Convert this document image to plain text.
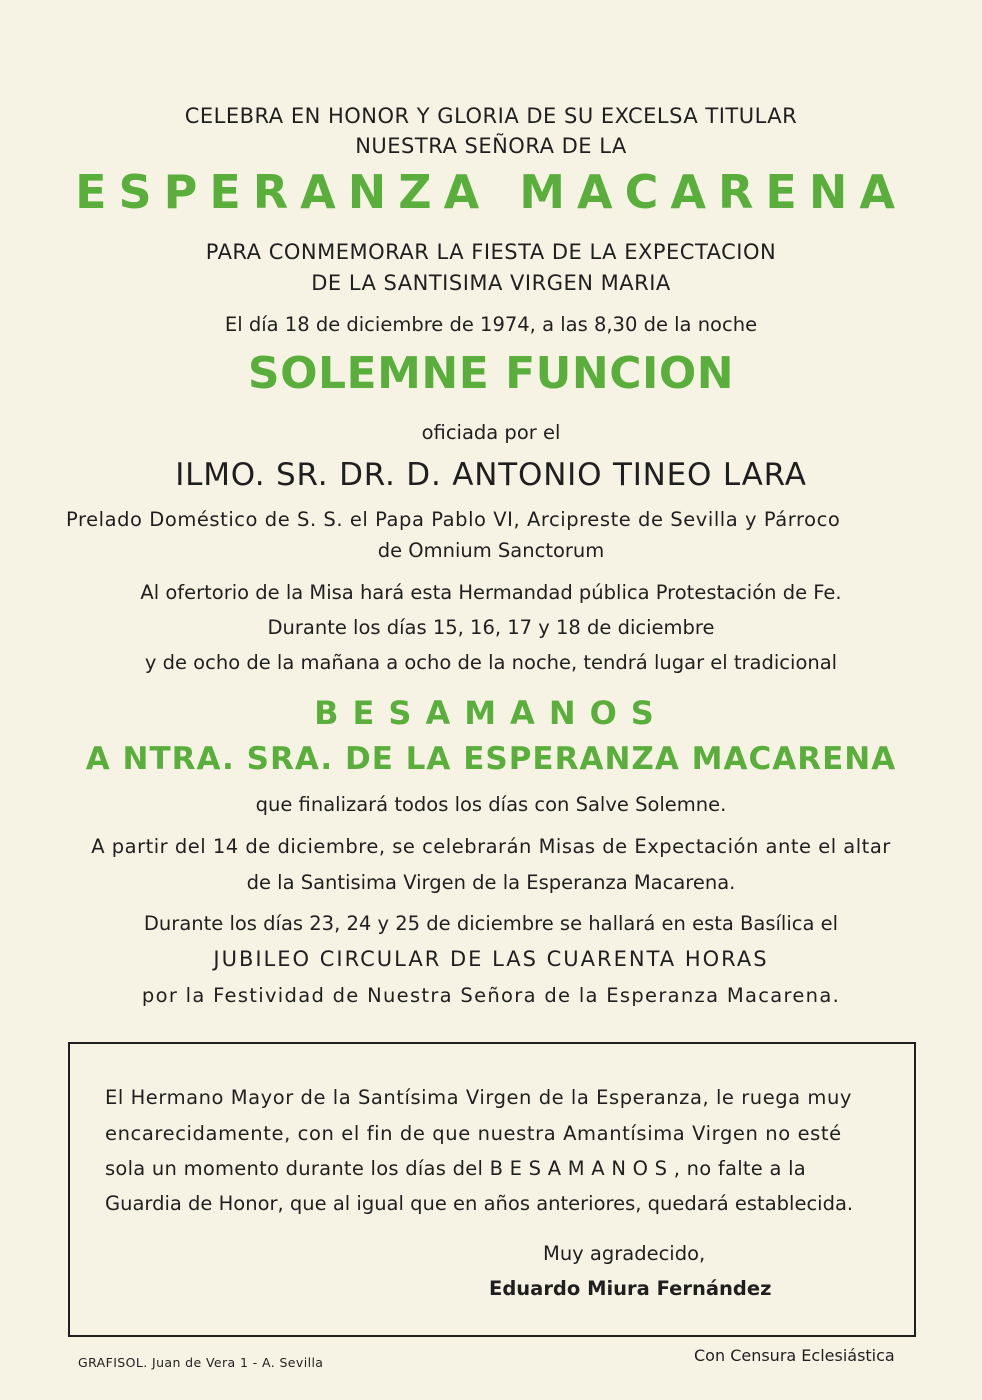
CELEBRA EN HONOR Y GLORIA DE SU EXCELSA TITULAR
NUESTRA SEÑORA DE LA
ESPERANZA MACARENA
PARA CONMEMORAR LA FIESTA DE LA EXPECTACION
DE LA SANTISIMA VIRGEN MARIA
El día 18 de diciembre de 1974, a las 8,30 de la noche
SOLEMNE FUNCION
oficiada por el
ILMO. SR. DR. D. ANTONIO TINEO LARA
Prelado Doméstico de S. S. el Papa Pablo VI, Arcipreste de Sevilla y Párroco
de Omnium Sanctorum
Al ofertorio de la Misa hará esta Hermandad pública Protestación de Fe.
Durante los días 15, 16, 17 y 18 de diciembre
y de ocho de la mañana a ocho de la noche, tendrá lugar el tradicional
BESAMANOS
A NTRA. SRA. DE LA ESPERANZA MACARENA
que finalizará todos los días con Salve Solemne.
A partir del 14 de diciembre, se celebrarán Misas de Expectación ante el altar
de la Santisima Virgen de la Esperanza Macarena.
Durante los días 23, 24 y 25 de diciembre se hallará en esta Basílica el
JUBILEO CIRCULAR DE LAS CUARENTA HORAS
por la Festividad de Nuestra Señora de la Esperanza Macarena.
El Hermano Mayor de la Santísima Virgen de la Esperanza, le ruega muy
encarecidamente, con el fin de que nuestra Amantísima Virgen no esté
sola un momento durante los días del B E S A M A N O S , no falte a la
Guardia de Honor, que al igual que en años anteriores, quedará establecida.
Muy agradecido,
Eduardo Miura Fernández
GRAFISOL. Juan de Vera 1 - A. Sevilla	Con Censura Eclesiástica
